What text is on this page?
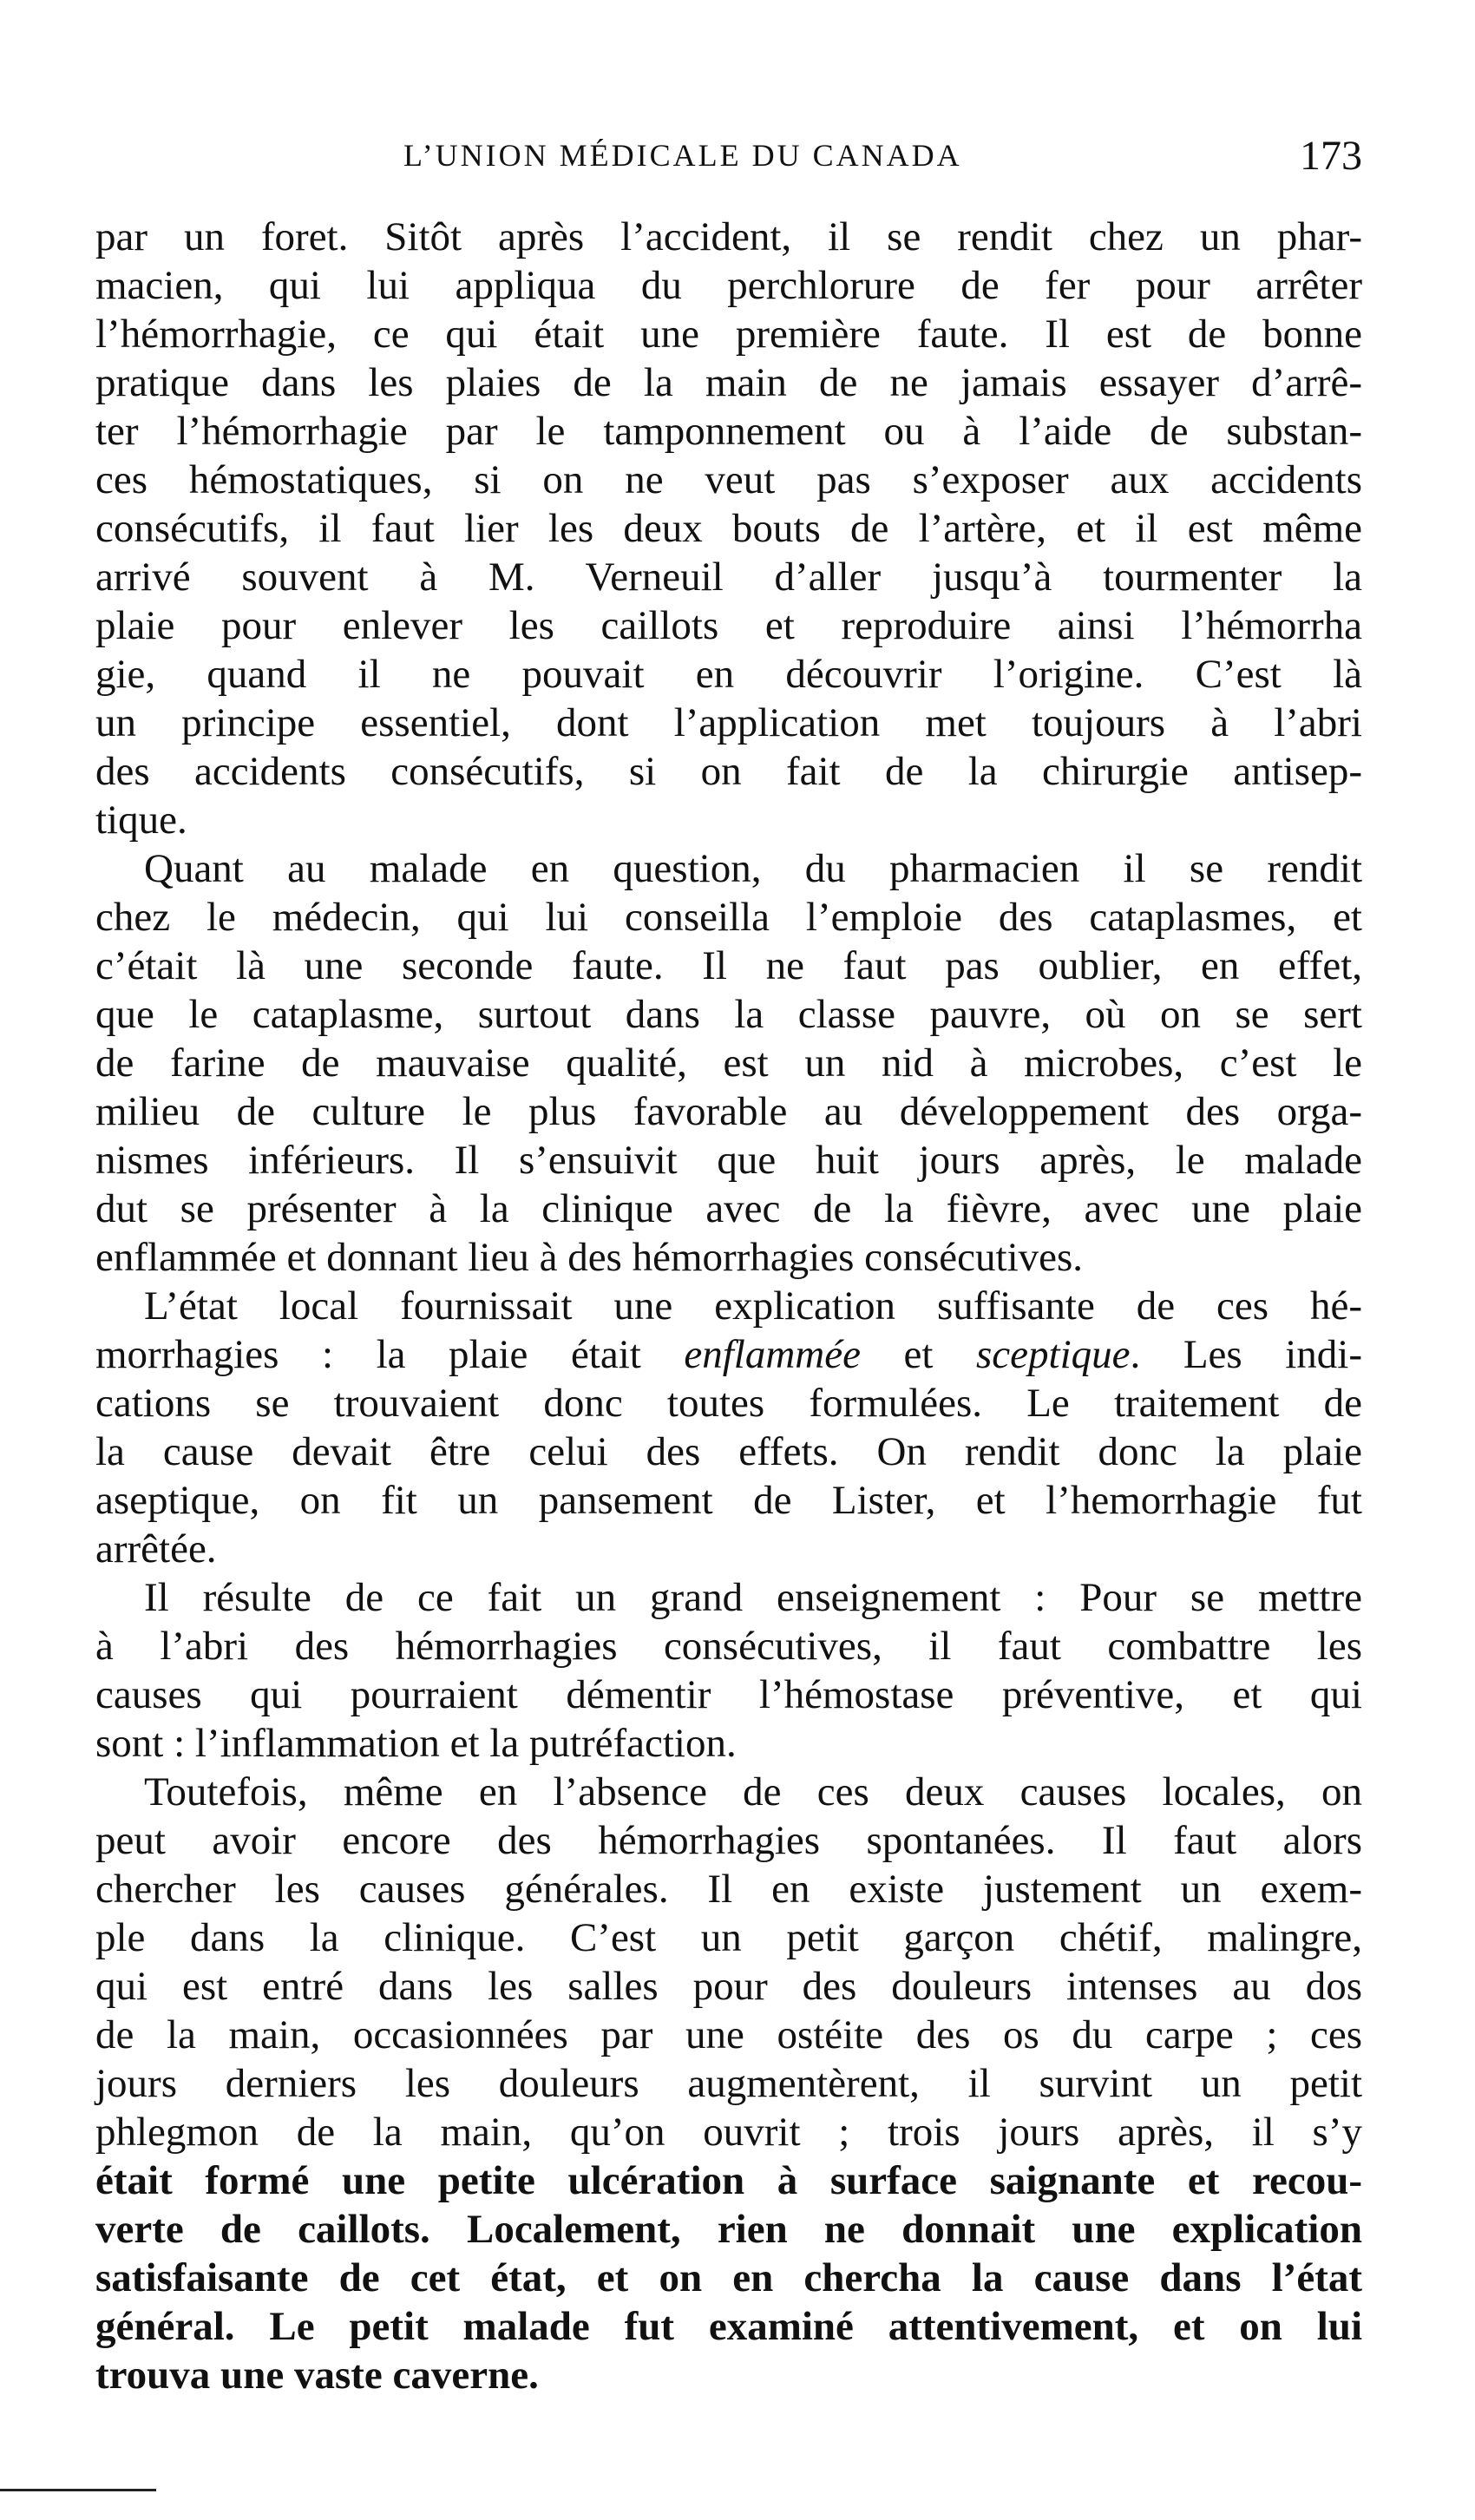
L’UNION MÉDICALE DU CANADA	173
par un foret. Sitôt après l’accident, il se rendit chez un phar-
macien, qui lui appliqua du perchlorure de fer pour arrêter
l’hémorrhagie, ce qui était une première faute. Il est de bonne
pratique dans les plaies de la main de ne jamais essayer d’arrê-
ter l’hémorrhagie par le tamponnement ou à l’aide de substan-
ces hémostatiques, si on ne veut pas s’exposer aux accidents
consécutifs, il faut lier les deux bouts de l’artère, et il est même
arrivé souvent à M. Verneuil d’aller jusqu’à tourmenter la
plaie pour enlever les caillots et reproduire ainsi l’hémorrha
gie, quand il ne pouvait en découvrir l’origine. C’est là
un principe essentiel, dont l’application met toujours à l’abri
des accidents consécutifs, si on fait de la chirurgie antisep-
tique.
Quant au malade en question, du pharmacien il se rendit
chez le médecin, qui lui conseilla l’emploie des cataplasmes, et
c’était là une seconde faute. Il ne faut pas oublier, en effet,
que le cataplasme, surtout dans la classe pauvre, où on se sert
de farine de mauvaise qualité, est un nid à microbes, c’est le
milieu de culture le plus favorable au développement des orga-
nismes inférieurs. Il s’ensuivit que huit jours après, le malade
dut se présenter à la clinique avec de la fièvre, avec une plaie
enflammée et donnant lieu à des hémorrhagies consécutives.
L’état local fournissait une explication suffisante de ces hé-
morrhagies : la plaie était enflammée et sceptique. Les indi-
cations se trouvaient donc toutes formulées. Le traitement de
la cause devait être celui des effets. On rendit donc la plaie
aseptique, on fit un pansement de Lister, et l’hemorrhagie fut
arrêtée.
Il résulte de ce fait un grand enseignement : Pour se mettre
à l’abri des hémorrhagies consécutives, il faut combattre les
causes qui pourraient démentir l’hémostase préventive, et qui
sont : l’inflammation et la putréfaction.
Toutefois, même en l’absence de ces deux causes locales, on
peut avoir encore des hémorrhagies spontanées. Il faut alors
chercher les causes générales. Il en existe justement un exem-
ple dans la clinique. C’est un petit garçon chétif, malingre,
qui est entré dans les salles pour des douleurs intenses au dos
de la main, occasionnées par une ostéite des os du carpe ; ces
jours derniers les douleurs augmentèrent, il survint un petit
phlegmon de la main, qu’on ouvrit ; trois jours après, il s’y
était formé une petite ulcération à surface saignante et recou-
verte de caillots. Localement, rien ne donnait une explication
satisfaisante de cet état, et on en chercha la cause dans l’état
général. Le petit malade fut examiné attentivement, et on lui
trouva une vaste caverne.
